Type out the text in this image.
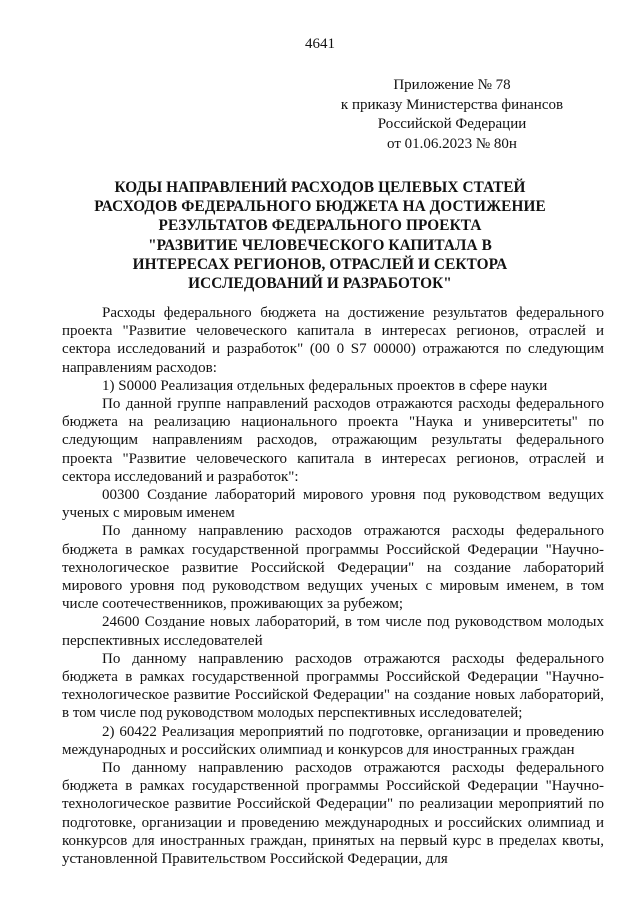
4641
Приложение № 78
к приказу Министерства финансов
Российской Федерации
от 01.06.2023 № 80н
КОДЫ НАПРАВЛЕНИЙ РАСХОДОВ ЦЕЛЕВЫХ СТАТЕЙ
РАСХОДОВ ФЕДЕРАЛЬНОГО БЮДЖЕТА НА ДОСТИЖЕНИЕ
РЕЗУЛЬТАТОВ ФЕДЕРАЛЬНОГО ПРОЕКТА
"РАЗВИТИЕ ЧЕЛОВЕЧЕСКОГО КАПИТАЛА В
ИНТЕРЕСАХ РЕГИОНОВ, ОТРАСЛЕЙ И СЕКТОРА
ИССЛЕДОВАНИЙ И РАЗРАБОТОК"

Расходы федерального бюджета на достижение результатов федерального проекта "Развитие человеческого капитала в интересах регионов, отраслей и сектора исследований и разработок" (00 0 S7 00000) отражаются по следующим направлениям расходов:

1) S0000 Реализация отдельных федеральных проектов в сфере науки

По данной группе направлений расходов отражаются расходы федерального бюджета на реализацию национального проекта "Наука и университеты" по следующим направлениям расходов, отражающим результаты федерального проекта "Развитие человеческого капитала в интересах регионов, отраслей и сектора исследований и разработок":

00300 Создание лабораторий мирового уровня под руководством ведущих ученых с мировым именем

По данному направлению расходов отражаются расходы федерального бюджета в рамках государственной программы Российской Федерации "Научно-технологическое развитие Российской Федерации" на создание лабораторий мирового уровня под руководством ведущих ученых с мировым именем, в том числе соотечественников, проживающих за рубежом;

24600 Создание новых лабораторий, в том числе под руководством молодых перспективных исследователей

По данному направлению расходов отражаются расходы федерального бюджета в рамках государственной программы Российской Федерации "Научно-технологическое развитие Российской Федерации" на создание новых лабораторий, в том числе под руководством молодых перспективных исследователей;

2) 60422 Реализация мероприятий по подготовке, организации и проведению международных и российских олимпиад и конкурсов для иностранных граждан

По данному направлению расходов отражаются расходы федерального бюджета в рамках государственной программы Российской Федерации "Научно-технологическое развитие Российской Федерации" по реализации мероприятий по подготовке, организации и проведению международных и российских олимпиад и конкурсов для иностранных граждан, принятых на первый курс в пределах квоты, установленной Правительством Российской Федерации, для
